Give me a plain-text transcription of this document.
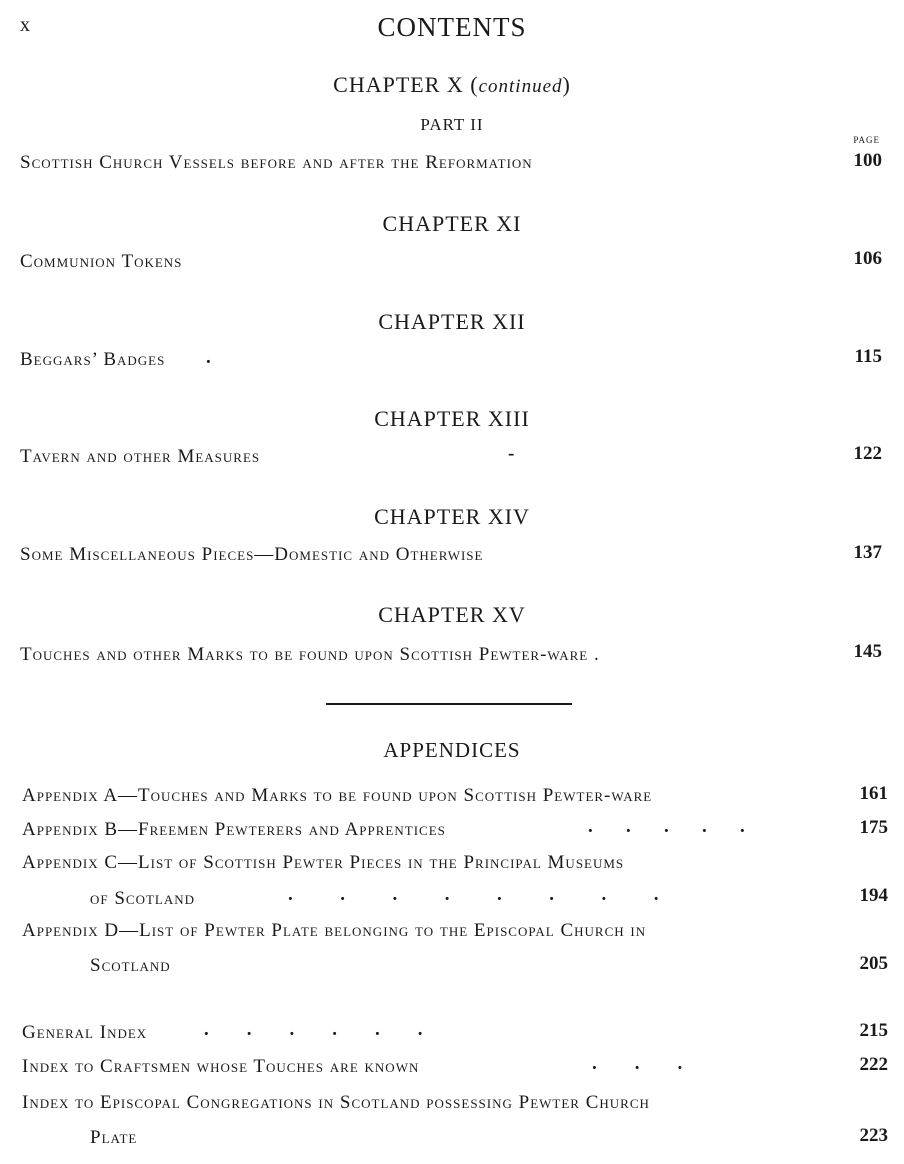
x	CONTENTS
CHAPTER X (continued)
PART II
PAGE
Scottish Church Vessels before and after the Reformation	100
CHAPTER XI
Communion Tokens	106
CHAPTER XII
Beggars’ Badges .	115
CHAPTER XIII
Tavern and other Measures	-	122
CHAPTER XIV
Some Miscellaneous Pieces—Domestic and Otherwise	137
CHAPTER XV
Touches and other Marks to be found upon Scottish Pewter-ware .	145
APPENDICES
Appendix A—Touches and Marks to be found upon Scottish Pewter-ware	161
Appendix B—Freemen Pewterers and Apprentices	.       .       .       .       .	175
Appendix C—List of Scottish Pewter Pieces in the Principal Museums
of Scotland	.          .          .          .          .          .          .          .	194
Appendix D—List of Pewter Plate belonging to the Episcopal Church in
Scotland	205
General Index	.        .        .        .        .        .	215
Index to Craftsmen whose Touches are known	.        .        .	222
Index to Episcopal Congregations in Scotland possessing Pewter Church
Plate	223
